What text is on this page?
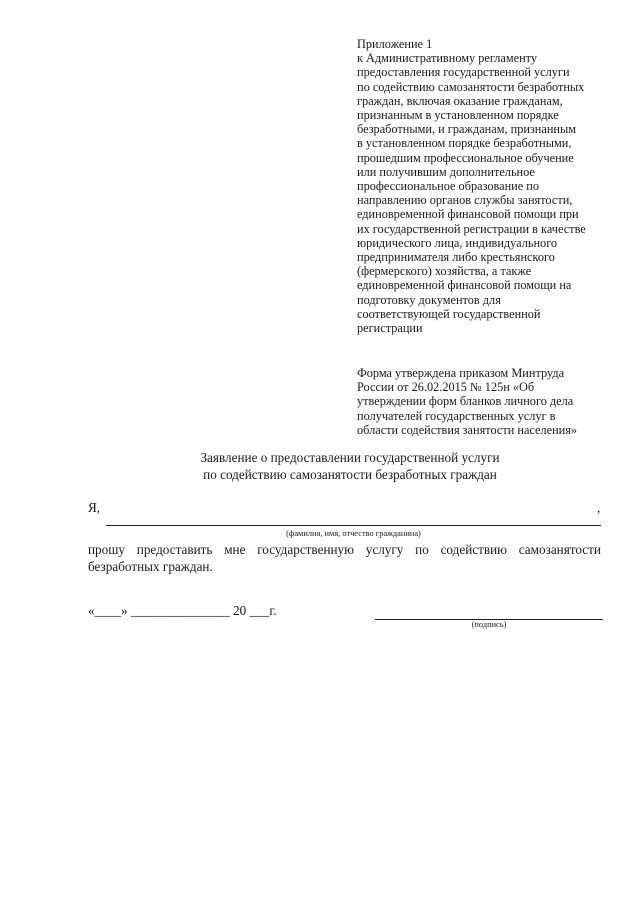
Приложение 1
к Административному регламенту
предоставления государственной услуги
по содействию самозанятости безработных
граждан, включая оказание гражданам,
признанным в установленном порядке
безработными, и гражданам, признанным
в установленном порядке безработными,
прошедшим профессиональное обучение
или получившим дополнительное
профессиональное образование по
направлению органов службы занятости,
единовременной финансовой помощи при
их государственной регистрации в качестве
юридического лица, индивидуального
предпринимателя либо крестьянского
(фермерского) хозяйства, а также
единовременной финансовой помощи на
подготовку документов для
соответствующей государственной
регистрации
Форма утверждена приказом Минтруда
России от 26.02.2015 № 125н «Об
утверждении форм бланков личного дела
получателей государственных услуг в
области содействия занятости населения»
Заявление о предоставлении государственной услуги
по содействию самозанятости безработных граждан
Я,	,
(фамилия, имя, отчество гражданина)
прошу предоставить мне государственную услугу по содействию самозанятости
безработных граждан.
«____» _______________ 20 ___г.
(подпись)
